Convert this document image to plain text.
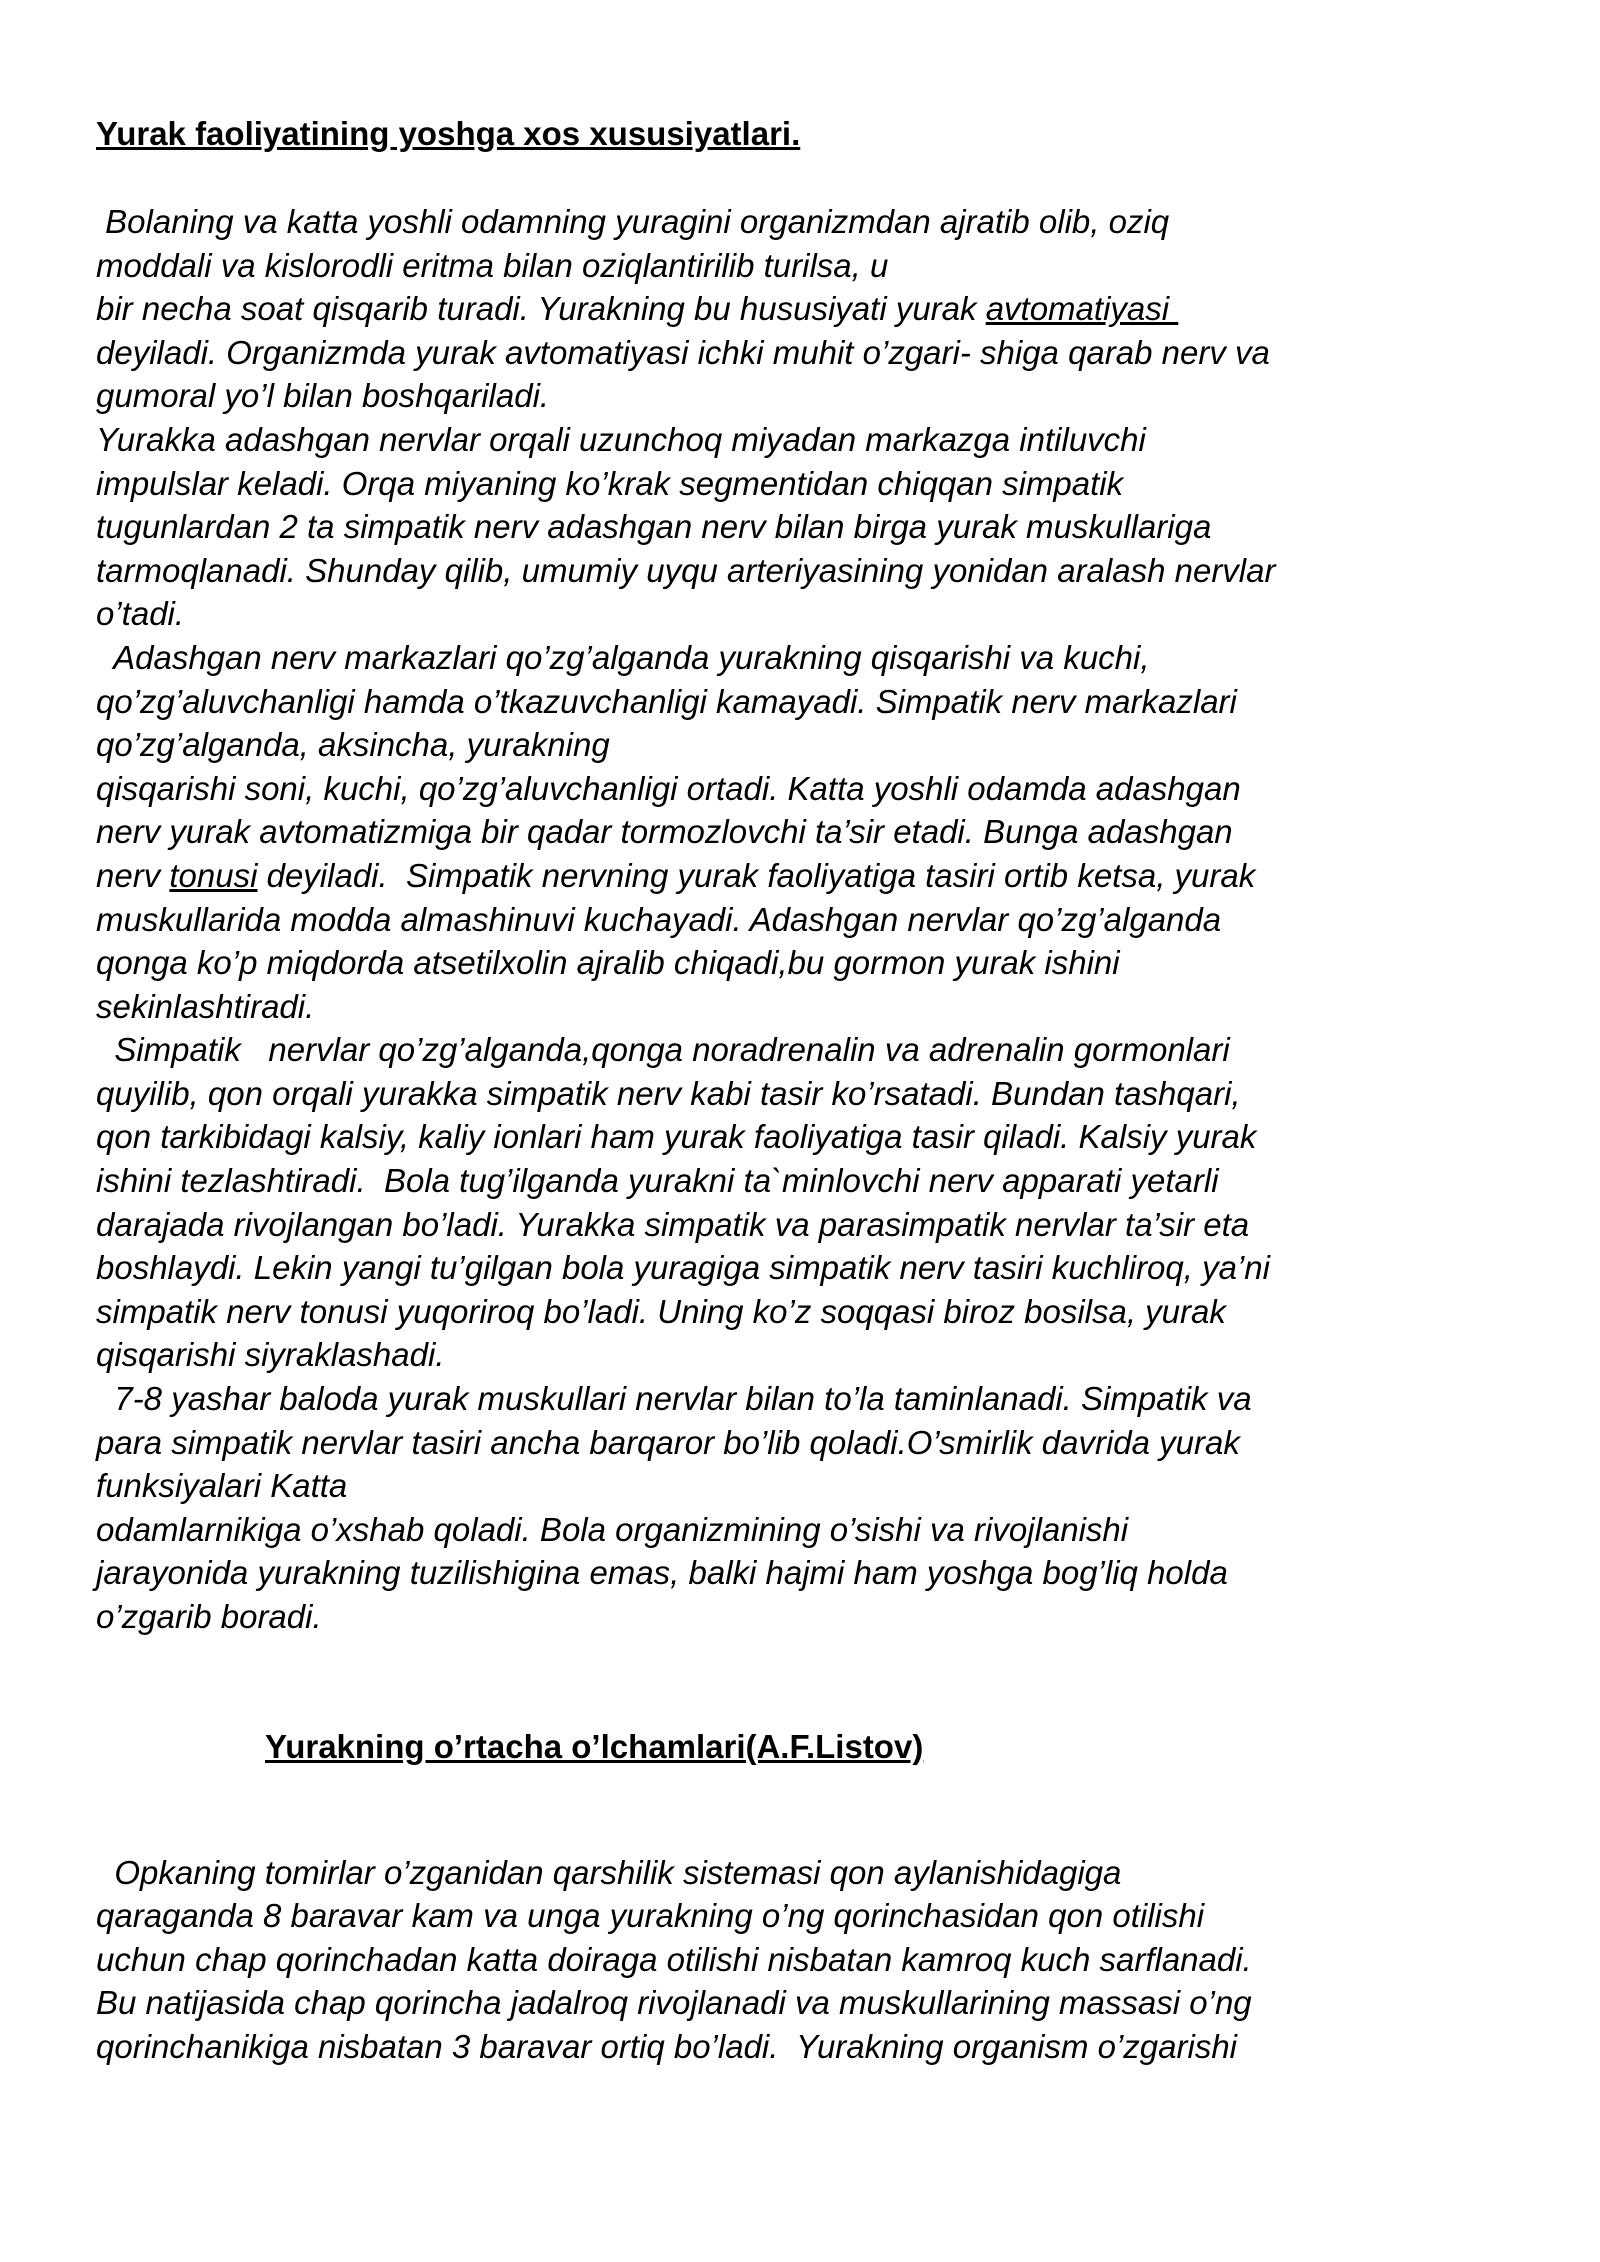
Yurak faoliyatining yoshga xos xususiyatlari.
Bolaning va katta yoshli odamning yuragini organizmdan ajratib olib, oziq
moddali va kislorodli eritma bilan oziqlantirilib turilsa, u
bir necha soat qisqarib turadi. Yurakning bu hususiyati yurak avtomatiyasi
deyiladi. Organizmda yurak avtomatiyasi ichki muhit o’zgari- shiga qarab nerv va
gumoral yo’l bilan boshqariladi.
Yurakka adashgan nervlar orqali uzunchoq miyadan markazga intiluvchi
impulslar keladi. Orqa miyaning ko’krak segmentidan chiqqan simpatik
tugunlardan 2 ta simpatik nerv adashgan nerv bilan birga yurak muskullariga
tarmoqlanadi. Shunday qilib, umumiy uyqu arteriyasining yonidan aralash nervlar
o’tadi.
Adashgan nerv markazlari qo’zg’alganda yurakning qisqarishi va kuchi,
qo’zg’aluvchanligi hamda o’tkazuvchanligi kamayadi. Simpatik nerv markazlari
qo’zg’alganda, aksincha, yurakning
qisqarishi soni, kuchi, qo’zg’aluvchanligi ortadi. Katta yoshli odamda adashgan
nerv yurak avtomatizmiga bir qadar tormozlovchi ta’sir etadi. Bunga adashgan
nerv tonusi deyiladi.  Simpatik nervning yurak faoliyatiga tasiri ortib ketsa, yurak
muskullarida modda almashinuvi kuchayadi. Adashgan nervlar qo’zg’alganda
qonga ko’p miqdorda atsetilxolin ajralib chiqadi,bu gormon yurak ishini
sekinlashtiradi.
Simpatik   nervlar qo’zg’alganda,qonga noradrenalin va adrenalin gormonlari
quyilib, qon orqali yurakka simpatik nerv kabi tasir ko’rsatadi. Bundan tashqari,
qon tarkibidagi kalsiy, kaliy ionlari ham yurak faoliyatiga tasir qiladi. Kalsiy yurak
ishini tezlashtiradi.  Bola tug’ilganda yurakni ta`minlovchi nerv apparati yetarli
darajada rivojlangan bo’ladi. Yurakka simpatik va parasimpatik nervlar ta’sir eta
boshlaydi. Lekin yangi tu’gilgan bola yuragiga simpatik nerv tasiri kuchliroq, ya’ni
simpatik nerv tonusi yuqoriroq bo’ladi. Uning ko’z soqqasi biroz bosilsa, yurak
qisqarishi siyraklashadi.
7-8 yashar baloda yurak muskullari nervlar bilan to’la taminlanadi. Simpatik va
para simpatik nervlar tasiri ancha barqaror bo’lib qoladi.O’smirlik davrida yurak
funksiyalari Katta
odamlarnikiga o’xshab qoladi. Bola organizmining o’sishi va rivojlanishi
jarayonida yurakning tuzilishigina emas, balki hajmi ham yoshga bog’liq holda
o’zgarib boradi.
Yurakning o’rtacha o’lchamlari(A.F.Listov)
Opkaning tomirlar o’zganidan qarshilik sistemasi qon aylanishidagiga
qaraganda 8 baravar kam va unga yurakning o’ng qorinchasidan qon otilishi
uchun chap qorinchadan katta doiraga otilishi nisbatan kamroq kuch sarflanadi.
Bu natijasida chap qorincha jadalroq rivojlanadi va muskullarining massasi o’ng
qorinchanikiga nisbatan 3 baravar ortiq bo’ladi.  Yurakning organism o’zgarishi
